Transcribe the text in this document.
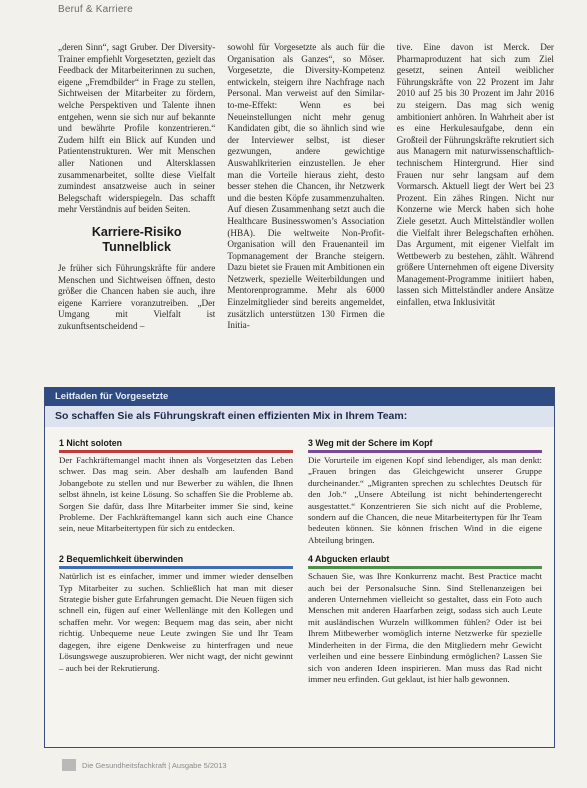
Beruf & Karriere

„deren Sinn“, sagt Gruber. Der Diversity-Trainer empfiehlt Vorgesetzten, gezielt das Feedback der Mitarbeiterinnen zu suchen, eigene „Fremdbilder“ in Frage zu stellen, Sichtweisen der Mitarbeiter zu fördern, welche Perspektiven und Talente ihnen entgehen, wenn sie sich nur auf bekannte und bewährte Profile konzentrieren.“ Zudem hilft ein Blick auf Kunden und Patientenstrukturen. Wer mit Menschen aller Nationen und Altersklassen zusammenarbeitet, sollte diese Vielfalt zumindest ansatzweise auch in seiner Belegschaft widerspiegeln. Das schafft mehr Verständnis auf beiden Seiten.

Karriere-Risiko Tunnelblick

Je früher sich Führungskräfte für andere Menschen und Sichtweisen öffnen, desto größer die Chancen haben sie auch, ihre eigene Karriere voranzutreiben. „Der Umgang mit Vielfalt ist zukunftsentscheidend –

sowohl für Vorgesetzte als auch für die Organisation als Ganzes“, so Möser. Vorgesetzte, die Diversity-Kompetenz entwickeln, steigern ihre Nachfrage nach Personal. Man verweist auf den Similar-to-me-Effekt: Wenn es bei Neueinstellungen nicht mehr genug Kandidaten gibt, die so ähnlich sind wie der Interviewer selbst, ist dieser gezwungen, andere gewichtige Auswahlkriterien einzustellen. Je eher man die Vorteile hieraus zieht, desto besser stehen die Chancen, ihr Netzwerk und die besten Köpfe zusammenzuhalten. Auf diesen Zusammenhang setzt auch die Healthcare Businesswomen’s Association (HBA). Die weltweite Non-Profit-Organisation will den Frauenanteil im Topmanagement der Branche steigern. Dazu bietet sie Frauen mit Ambitionen ein Netzwerk, spezielle Weiterbildungen und Mentorenprogramme. Mehr als 6000 Einzelmitglieder sind bereits angemeldet, zusätzlich unterstützen 130 Firmen die Initia-

tive. Eine davon ist Merck. Der Pharmaproduzent hat sich zum Ziel gesetzt, seinen Anteil weiblicher Führungskräfte von 22 Prozent im Jahr 2010 auf 25 bis 30 Prozent im Jahr 2016 zu steigern. Das mag sich wenig ambitioniert anhören. In Wahrheit aber ist es eine Herkulesaufgabe, denn ein Großteil der Führungskräfte rekrutiert sich aus Managern mit naturwissenschaftlich-technischem Hintergrund. Hier sind Frauen nur sehr langsam auf dem Vormarsch. Aktuell liegt der Wert bei 23 Prozent. Ein zähes Ringen. Nicht nur Konzerne wie Merck haben sich hohe Ziele gesetzt. Auch Mittelständler wollen die Vielfalt ihrer Belegschaften erhöhen. Das Argument, mit eigener Vielfalt im Wettbewerb zu bestehen, zählt. Während größere Unternehmen oft eigene Diversity Management-Programme initiiert haben, lassen sich Mittelständler andere Ansätze einfallen, etwa Inklusivität

Leitfaden für Vorgesetzte
So schaffen Sie als Führungskraft einen effizienten Mix in Ihrem Team:
1 Nicht soloten
Der Fachkräftemangel macht ihnen als Vorgesetzten das Leben schwer. Das mag sein. Aber deshalb am laufenden Band Jobangebote zu stellen und nur Bewerber zu wählen, die Ihnen selbst ähneln, ist keine Lösung. So schaffen Sie die Probleme ab. Sorgen Sie dafür, dass Ihre Mitarbeiter immer Sie sind, keine Probleme. Der Fachkräftemangel kann sich auch eine Chance sein, neue Mitarbeitertypen für sich zu entdecken.
3 Weg mit der Schere im Kopf
Die Vorurteile im eigenen Kopf sind lebendiger, als man denkt: „Frauen bringen das Gleichgewicht unserer Gruppe durcheinander.“ „Migranten sprechen zu schlechtes Deutsch für den Job.“ „Unsere Abteilung ist nicht behindertengerecht ausgestattet.“ Konzentrieren Sie sich nicht auf die Probleme, sondern auf die Chancen, die neue Mitarbeitertypen für Ihr Team bedeuten können. Sie können frischen Wind in die eigene Abteilung bringen.
2 Bequemlichkeit überwinden
Natürlich ist es einfacher, immer und immer wieder denselben Typ Mitarbeiter zu suchen. Schließlich hat man mit dieser Strategie bisher gute Erfahrungen gemacht. Die Neuen fügen sich schnell ein, fügen auf einer Wellenlänge mit den Kollegen und schaffen mehr. Vor wegen: Bequem mag das sein, aber nicht richtig. Unbequeme neue Leute zwingen Sie und Ihr Team dagegen, ihre eigene Denkweise zu hinterfragen und neue Lösungswege auszuprobieren. Wer nicht wagt, der nicht gewinnt – auch bei der Rekrutierung.
4 Abgucken erlaubt
Schauen Sie, was Ihre Konkurrenz macht. Best Practice macht auch bei der Personalsuche Sinn. Sind Stellenanzeigen bei anderen Unternehmen vielleicht so gestaltet, dass ein Foto auch Menschen mit anderen Haarfarben zeigt, sodass sich auch Leute mit ausländischen Wurzeln willkommen fühlen? Oder ist bei Ihrem Mitbewerber womöglich interne Netzwerke für spezielle Minderheiten in der Firma, die den Mitgliedern mehr Gewicht verleihen und eine bessere Einbindung ermöglichen? Lassen Sie sich von anderen Ideen inspirieren. Man muss das Rad nicht immer neu erfinden. Gut geklaut, ist hier halb gewonnen.
Die Gesundheitsfachkraft | Ausgabe 5/2013
